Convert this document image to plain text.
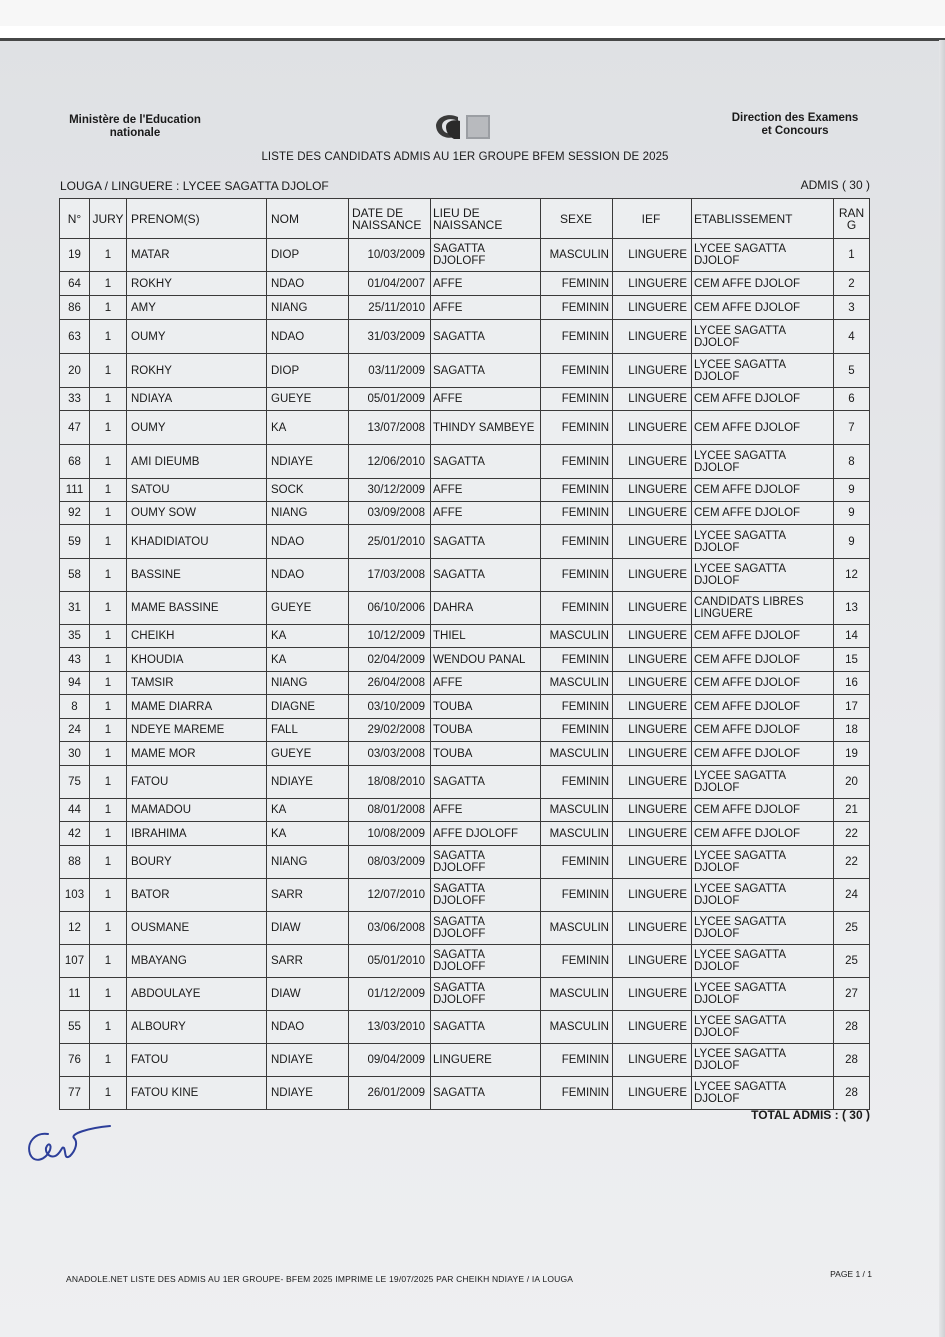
Ministère de l'Education
nationale
Direction des Examens
et Concours
LISTE DES CANDIDATS ADMIS AU 1ER GROUPE BFEM SESSION DE 2025
LOUGA / LINGUERE : LYCEE SAGATTA DJOLOF	ADMIS ( 30 )
N°	JURY	PRENOM(S)	NOM	DATE DE NAISSANCE	LIEU DE NAISSANCE	SEXE	IEF	ETABLISSEMENT	RANG
19	1	MATAR	DIOP	10/03/2009	SAGATTA DJOLOFF	MASCULIN	LINGUERE	LYCEE SAGATTA DJOLOF	1
64	1	ROKHY	NDAO	01/04/2007	AFFE	FEMININ	LINGUERE	CEM AFFE DJOLOF	2
86	1	AMY	NIANG	25/11/2010	AFFE	FEMININ	LINGUERE	CEM AFFE DJOLOF	3
63	1	OUMY	NDAO	31/03/2009	SAGATTA	FEMININ	LINGUERE	LYCEE SAGATTA DJOLOF	4
20	1	ROKHY	DIOP	03/11/2009	SAGATTA	FEMININ	LINGUERE	LYCEE SAGATTA DJOLOF	5
33	1	NDIAYA	GUEYE	05/01/2009	AFFE	FEMININ	LINGUERE	CEM AFFE DJOLOF	6
47	1	OUMY	KA	13/07/2008	THINDY SAMBEYE	FEMININ	LINGUERE	CEM AFFE DJOLOF	7
68	1	AMI DIEUMB	NDIAYE	12/06/2010	SAGATTA	FEMININ	LINGUERE	LYCEE SAGATTA DJOLOF	8
111	1	SATOU	SOCK	30/12/2009	AFFE	FEMININ	LINGUERE	CEM AFFE DJOLOF	9
92	1	OUMY SOW	NIANG	03/09/2008	AFFE	FEMININ	LINGUERE	CEM AFFE DJOLOF	9
59	1	KHADIDIATOU	NDAO	25/01/2010	SAGATTA	FEMININ	LINGUERE	LYCEE SAGATTA DJOLOF	9
58	1	BASSINE	NDAO	17/03/2008	SAGATTA	FEMININ	LINGUERE	LYCEE SAGATTA DJOLOF	12
31	1	MAME BASSINE	GUEYE	06/10/2006	DAHRA	FEMININ	LINGUERE	CANDIDATS LIBRES LINGUERE	13
35	1	CHEIKH	KA	10/12/2009	THIEL	MASCULIN	LINGUERE	CEM AFFE DJOLOF	14
43	1	KHOUDIA	KA	02/04/2009	WENDOU PANAL	FEMININ	LINGUERE	CEM AFFE DJOLOF	15
94	1	TAMSIR	NIANG	26/04/2008	AFFE	MASCULIN	LINGUERE	CEM AFFE DJOLOF	16
8	1	MAME DIARRA	DIAGNE	03/10/2009	TOUBA	FEMININ	LINGUERE	CEM AFFE DJOLOF	17
24	1	NDEYE MAREME	FALL	29/02/2008	TOUBA	FEMININ	LINGUERE	CEM AFFE DJOLOF	18
30	1	MAME MOR	GUEYE	03/03/2008	TOUBA	MASCULIN	LINGUERE	CEM AFFE DJOLOF	19
75	1	FATOU	NDIAYE	18/08/2010	SAGATTA	FEMININ	LINGUERE	LYCEE SAGATTA DJOLOF	20
44	1	MAMADOU	KA	08/01/2008	AFFE	MASCULIN	LINGUERE	CEM AFFE DJOLOF	21
42	1	IBRAHIMA	KA	10/08/2009	AFFE DJOLOFF	MASCULIN	LINGUERE	CEM AFFE DJOLOF	22
88	1	BOURY	NIANG	08/03/2009	SAGATTA DJOLOFF	FEMININ	LINGUERE	LYCEE SAGATTA DJOLOF	22
103	1	BATOR	SARR	12/07/2010	SAGATTA DJOLOFF	FEMININ	LINGUERE	LYCEE SAGATTA DJOLOF	24
12	1	OUSMANE	DIAW	03/06/2008	SAGATTA DJOLOFF	MASCULIN	LINGUERE	LYCEE SAGATTA DJOLOF	25
107	1	MBAYANG	SARR	05/01/2010	SAGATTA DJOLOFF	FEMININ	LINGUERE	LYCEE SAGATTA DJOLOF	25
11	1	ABDOULAYE	DIAW	01/12/2009	SAGATTA DJOLOFF	MASCULIN	LINGUERE	LYCEE SAGATTA DJOLOF	27
55	1	ALBOURY	NDAO	13/03/2010	SAGATTA	MASCULIN	LINGUERE	LYCEE SAGATTA DJOLOF	28
76	1	FATOU	NDIAYE	09/04/2009	LINGUERE	FEMININ	LINGUERE	LYCEE SAGATTA DJOLOF	28
77	1	FATOU KINE	NDIAYE	26/01/2009	SAGATTA	FEMININ	LINGUERE	LYCEE SAGATTA DJOLOF	28
TOTAL ADMIS : ( 30 )
ANADOLE.NET LISTE DES ADMIS AU 1ER GROUPE- BFEM 2025 IMPRIME LE 19/07/2025 PAR CHEIKH NDIAYE / IA LOUGA	PAGE 1 / 1
